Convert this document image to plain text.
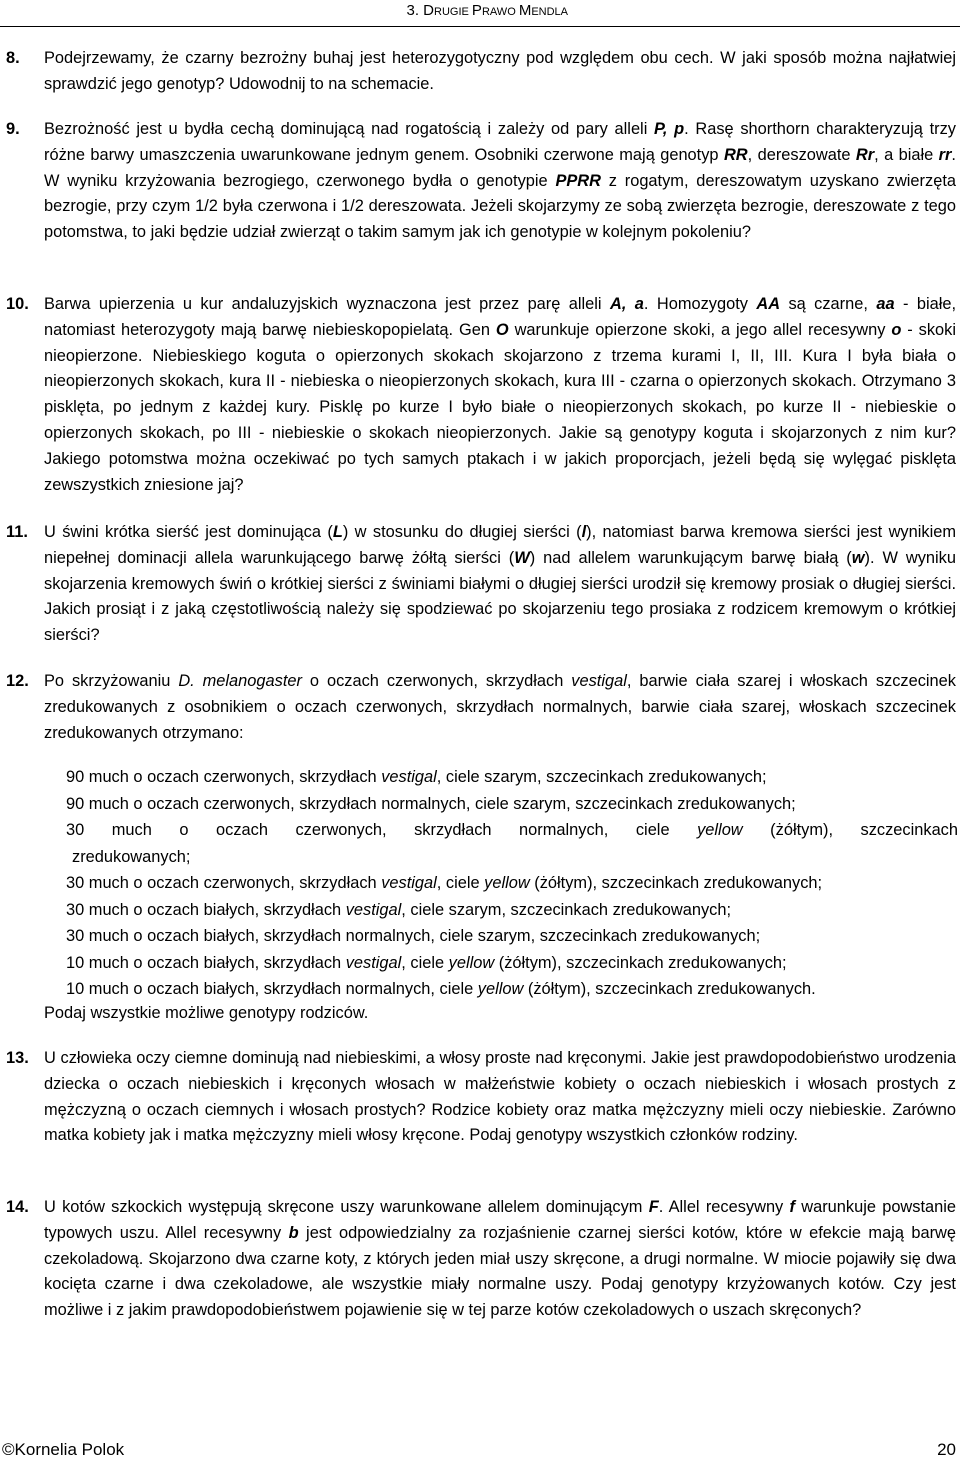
3. DRUGIE PRAWO MENDLA
8. Podejrzewamy, że czarny bezrożny buhaj jest heterozygotyczny pod względem obu cech. W jaki sposób można najłatwiej sprawdzić jego genotyp? Udowodnij to na schemacie.
9. Bezrożność jest u bydła cechą dominującą nad rogatością i zależy od pary alleli P, p. Rasę shorthorn charakteryzują trzy różne barwy umaszczenia uwarunkowane jednym genem. Osobniki czerwone mają genotyp RR, dereszowate Rr, a białe rr. W wyniku krzyżowania bezrogiego, czerwonego bydła o genotypie PPRR z rogatym, dereszowatym uzyskano zwierzęta bezrogie, przy czym 1/2 była czerwona i 1/2 dereszowata. Jeżeli skojarzymy ze sobą zwierzęta bezrogie, dereszowate z tego potomstwa, to jaki będzie udział zwierząt o takim samym jak ich genotypie w kolejnym pokoleniu?
10. Barwa upierzenia u kur andaluzyjskich wyznaczona jest przez parę alleli A, a. Homozygoty AA są czarne, aa - białe, natomiast heterozygoty mają barwę niebieskopopielatą. Gen O warunkuje opierzone skoki, a jego allel recesywny o - skoki nieopierzone. Niebieskiego koguta o opierzonych skokach skojarzono z trzema kurami I, II, III. Kura I była biała o nieopierzonych skokach, kura II - niebieska o nieopierzonych skokach, kura III - czarna o opierzonych skokach. Otrzymano 3 pisklęta, po jednym z każdej kury. Pisklę po kurze I było białe o nieopierzonych skokach, po kurze II - niebieskie o opierzonych skokach, po III - niebieskie o skokach nieopierzonych. Jakie są genotypy koguta i skojarzonych z nim kur? Jakiego potomstwa można oczekiwać po tych samych ptakach i w jakich proporcjach, jeżeli będą się wylęgać pisklęta zewszystkich zniesione jaj?
11. U świni krótka sierść jest dominująca (L) w stosunku do długiej sierści (l), natomiast barwa kremowa sierści jest wynikiem niepełnej dominacji allela warunkującego barwę żółtą sierści (W) nad allelem warunkującym barwę białą (w). W wyniku skojarzenia kremowych świń o krótkiej sierści z świniami białymi o długiej sierści urodził się kremowy prosiak o długiej sierści. Jakich prosiąt i z jaką częstotliwością należy się spodziewać po skojarzeniu tego prosiaka z rodzicem kremowym o krótkiej sierści?
12. Po skrzyżowaniu D. melanogaster o oczach czerwonych, skrzydłach vestigal, barwie ciała szarej i włoskach szczecinek zredukowanych z osobnikiem o oczach czerwonych, skrzydłach normalnych, barwie ciała szarej, włoskach szczecinek zredukowanych otrzymano:
90 much o oczach czerwonych, skrzydłach vestigal, ciele szarym, szczecinkach zredukowanych;
90 much o oczach czerwonych, skrzydłach normalnych, ciele szarym, szczecinkach zredukowanych;
30 much o oczach czerwonych, skrzydłach normalnych, ciele yellow (żółtym), szczecinkach
zredukowanych;
30 much o oczach czerwonych, skrzydłach vestigal, ciele yellow (żółtym), szczecinkach zredukowanych;
30 much o oczach białych, skrzydłach vestigal, ciele szarym, szczecinkach zredukowanych;
30 much o oczach białych, skrzydłach normalnych, ciele szarym, szczecinkach zredukowanych;
10 much o oczach białych, skrzydłach vestigal, ciele yellow (żółtym), szczecinkach zredukowanych;
10 much o oczach białych, skrzydłach normalnych, ciele yellow (żółtym), szczecinkach zredukowanych.
Podaj wszystkie możliwe genotypy rodziców.
13. U człowieka oczy ciemne dominują nad niebieskimi, a włosy proste nad kręconymi. Jakie jest prawdopodobieństwo urodzenia dziecka o oczach niebieskich i kręconych włosach w małżeństwie kobiety o oczach niebieskich i włosach prostych z mężczyzną o oczach ciemnych i włosach prostych? Rodzice kobiety oraz matka mężczyzny mieli oczy niebieskie. Zarówno matka kobiety jak i matka mężczyzny mieli włosy kręcone. Podaj genotypy wszystkich członków rodziny.
14. U kotów szkockich występują skręcone uszy warunkowane allelem dominującym F. Allel recesywny f warunkuje powstanie typowych uszu. Allel recesywny b jest odpowiedzialny za rozjaśnienie czarnej sierści kotów, które w efekcie mają barwę czekoladową. Skojarzono dwa czarne koty, z których jeden miał uszy skręcone, a drugi normalne. W miocie pojawiły się dwa kocięta czarne i dwa czekoladowe, ale wszystkie miały normalne uszy. Podaj genotypy krzyżowanych kotów. Czy jest możliwe i z jakim prawdopodobieństwem pojawienie się w tej parze kotów czekoladowych o uszach skręconych?
©Kornelia Polok	20
